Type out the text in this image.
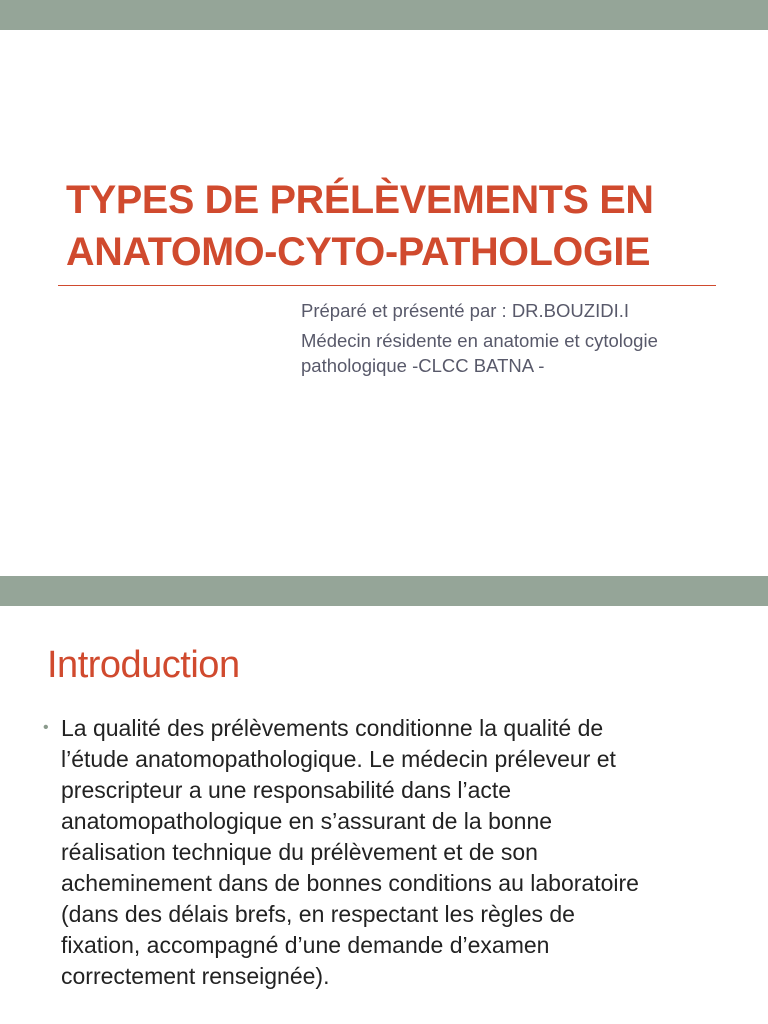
TYPES DE PRÉLÈVEMENTS EN
ANATOMO-CYTO-PATHOLOGIE
Préparé et présenté par : DR.BOUZIDI.I
Médecin résidente en anatomie et cytologie
pathologique -CLCC BATNA -
Introduction
• La qualité des prélèvements conditionne la qualité de
l’étude anatomopathologique. Le médecin préleveur et
prescripteur a une responsabilité dans l’acte
anatomopathologique en s’assurant de la bonne
réalisation technique du prélèvement et de son
acheminement dans de bonnes conditions au laboratoire
(dans des délais brefs, en respectant les règles de
fixation, accompagné d’une demande d’examen
correctement renseignée).
